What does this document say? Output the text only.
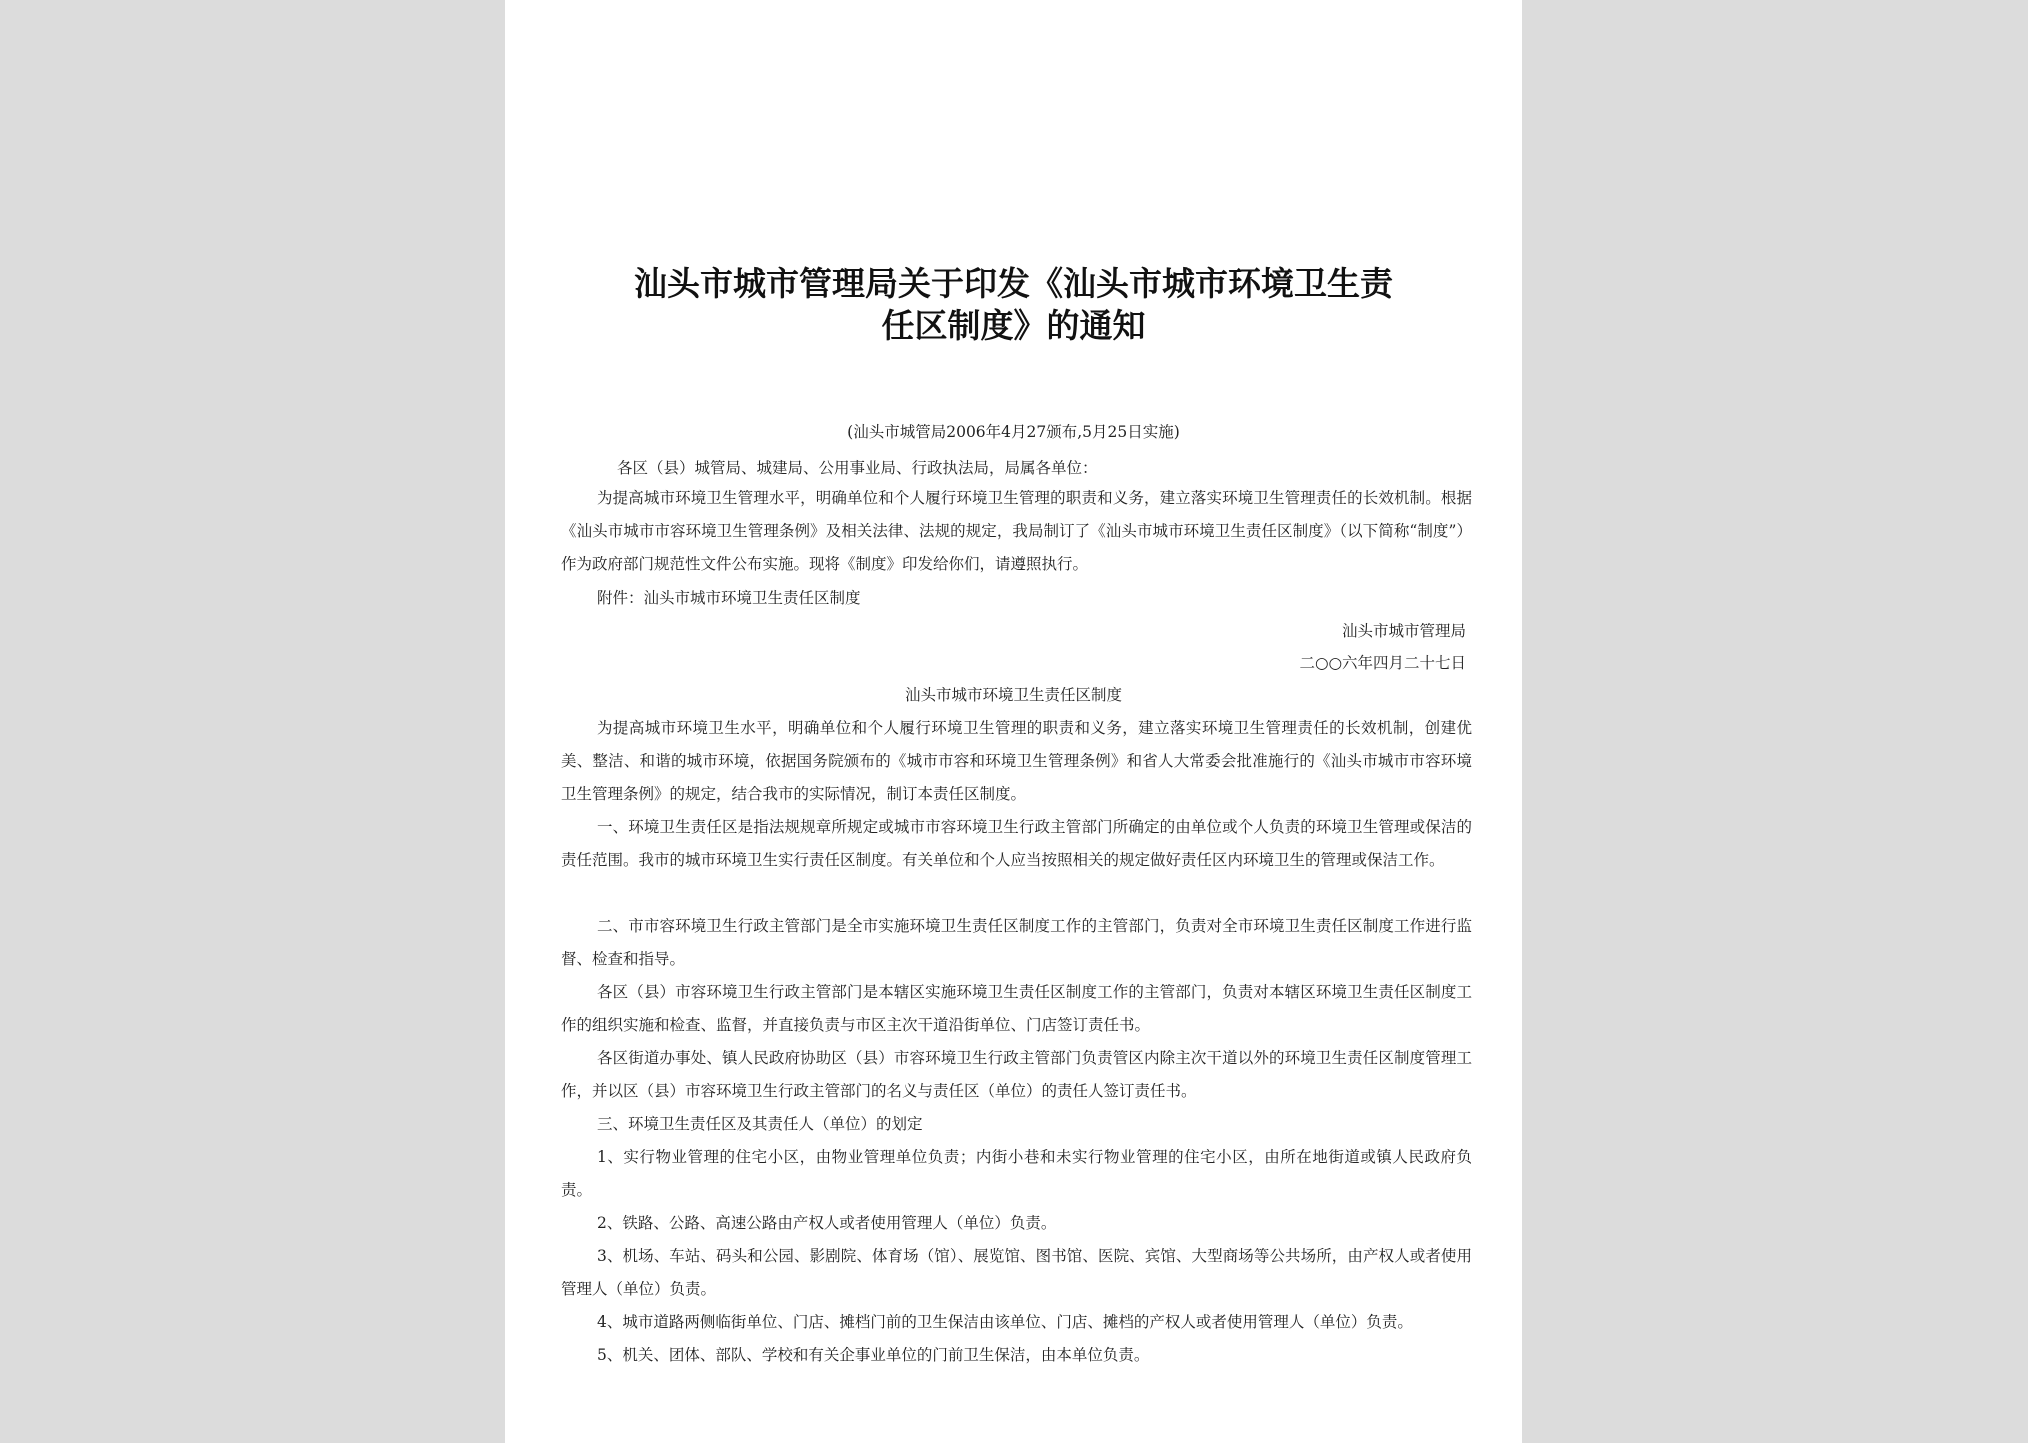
汕头市城市管理局关于印发《汕头市城市环境卫生责
任区制度》的通知

(汕头市城管局2006年4月27颁布,5月25日实施)

各区（县）城管局、城建局、公用事业局、行政执法局，局属各单位：

为提高城市环境卫生管理水平，明确单位和个人履行环境卫生管理的职责和义务，建立落实环境卫生管理责任的长效机制。根据《汕头市城市市容环境卫生管理条例》及相关法律、法规的规定，我局制订了《汕头市城市环境卫生责任区制度》（以下简称“制度”）作为政府部门规范性文件公布实施。现将《制度》印发给你们，请遵照执行。

附件：汕头市城市环境卫生责任区制度

汕头市城市管理局

二○○六年四月二十七日

汕头市城市环境卫生责任区制度

为提高城市环境卫生水平，明确单位和个人履行环境卫生管理的职责和义务，建立落实环境卫生管理责任的长效机制，创建优美、整洁、和谐的城市环境，依据国务院颁布的《城市市容和环境卫生管理条例》和省人大常委会批准施行的《汕头市城市市容环境卫生管理条例》的规定，结合我市的实际情况，制订本责任区制度。

一、环境卫生责任区是指法规规章所规定或城市市容环境卫生行政主管部门所确定的由单位或个人负责的环境卫生管理或保洁的责任范围。我市的城市环境卫生实行责任区制度。有关单位和个人应当按照相关的规定做好责任区内环境卫生的管理或保洁工作。

二、市市容环境卫生行政主管部门是全市实施环境卫生责任区制度工作的主管部门，负责对全市环境卫生责任区制度工作进行监督、检查和指导。

各区（县）市容环境卫生行政主管部门是本辖区实施环境卫生责任区制度工作的主管部门，负责对本辖区环境卫生责任区制度工作的组织实施和检查、监督，并直接负责与市区主次干道沿街单位、门店签订责任书。

各区街道办事处、镇人民政府协助区（县）市容环境卫生行政主管部门负责管区内除主次干道以外的环境卫生责任区制度管理工作，并以区（县）市容环境卫生行政主管部门的名义与责任区（单位）的责任人签订责任书。

三、环境卫生责任区及其责任人（单位）的划定

1、实行物业管理的住宅小区，由物业管理单位负责；内街小巷和未实行物业管理的住宅小区，由所在地街道或镇人民政府负责。

2、铁路、公路、高速公路由产权人或者使用管理人（单位）负责。

3、机场、车站、码头和公园、影剧院、体育场（馆）、展览馆、图书馆、医院、宾馆、大型商场等公共场所，由产权人或者使用管理人（单位）负责。

4、城市道路两侧临街单位、门店、摊档门前的卫生保洁由该单位、门店、摊档的产权人或者使用管理人（单位）负责。

5、机关、团体、部队、学校和有关企事业单位的门前卫生保洁，由本单位负责。
